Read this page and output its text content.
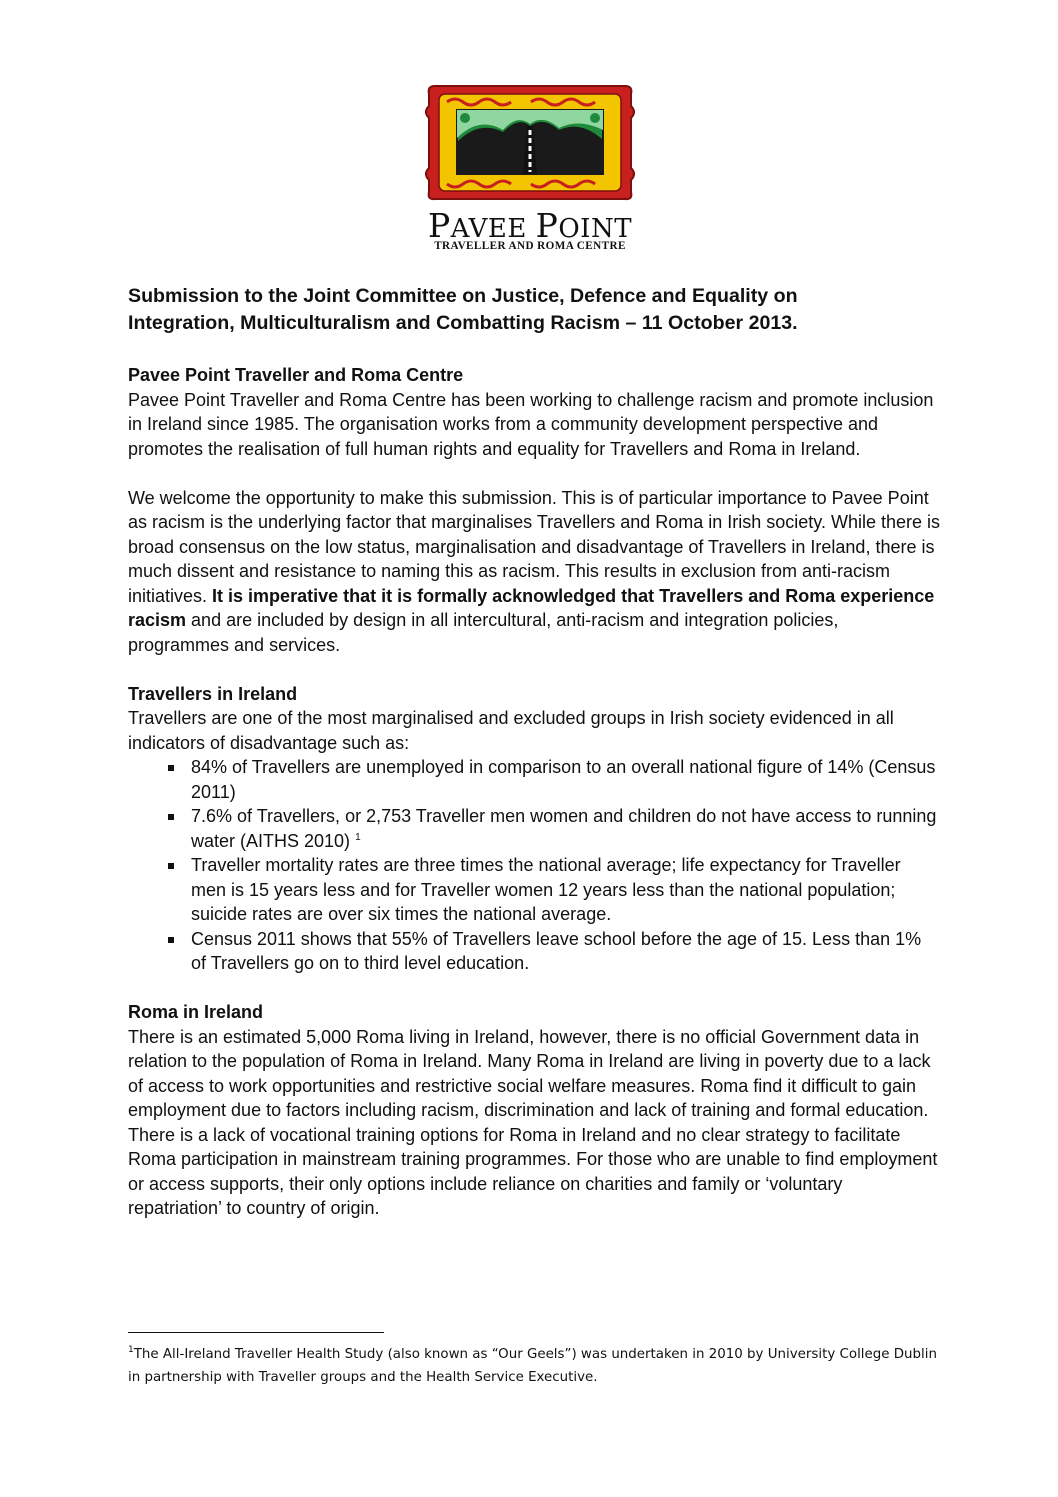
PAVEE POINT
TRAVELLER AND ROMA CENTRE
Submission to the Joint Committee on Justice, Defence and Equality on
Integration, Multiculturalism and Combatting Racism – 11 October 2013.
Pavee Point Traveller and Roma Centre

Pavee Point Traveller and Roma Centre has been working to challenge racism and promote inclusion in Ireland since 1985. The organisation works from a community development perspective and promotes the realisation of full human rights and equality for Travellers and Roma in Ireland.

We welcome the opportunity to make this submission. This is of particular importance to Pavee Point as racism is the underlying factor that marginalises Travellers and Roma in Irish society. While there is broad consensus on the low status, marginalisation and disadvantage of Travellers in Ireland, there is much dissent and resistance to naming this as racism. This results in exclusion from anti-racism initiatives. It is imperative that it is formally acknowledged that Travellers and Roma experience racism and are included by design in all intercultural, anti-racism and integration policies, programmes and services.

Travellers in Ireland

Travellers are one of the most marginalised and excluded groups in Irish society evidenced in all indicators of disadvantage such as:

84% of Travellers are unemployed in comparison to an overall national figure of 14% (Census 2011)
7.6% of Travellers, or 2,753 Traveller men women and children do not have access to running water (AITHS 2010) $^1$
Traveller mortality rates are three times the national average; life expectancy for Traveller men is 15 years less and for Traveller women 12 years less than the national population; suicide rates are over six times the national average.
Census 2011 shows that 55% of Travellers leave school before the age of 15. Less than 1% of Travellers go on to third level education.
Roma in Ireland

There is an estimated 5,000 Roma living in Ireland, however, there is no official Government data in relation to the population of Roma in Ireland. Many Roma in Ireland are living in poverty due to a lack of access to work opportunities and restrictive social welfare measures. Roma find it difficult to gain employment due to factors including racism, discrimination and lack of training and formal education. There is a lack of vocational training options for Roma in Ireland and no clear strategy to facilitate Roma participation in mainstream training programmes. For those who are unable to find employment or access supports, their only options include reliance on charities and family or ‘voluntary repatriation’ to country of origin.

$^1$The All-Ireland Traveller Health Study (also known as “Our Geels”) was undertaken in 2010 by University College Dublin in partnership with Traveller groups and the Health Service Executive.
